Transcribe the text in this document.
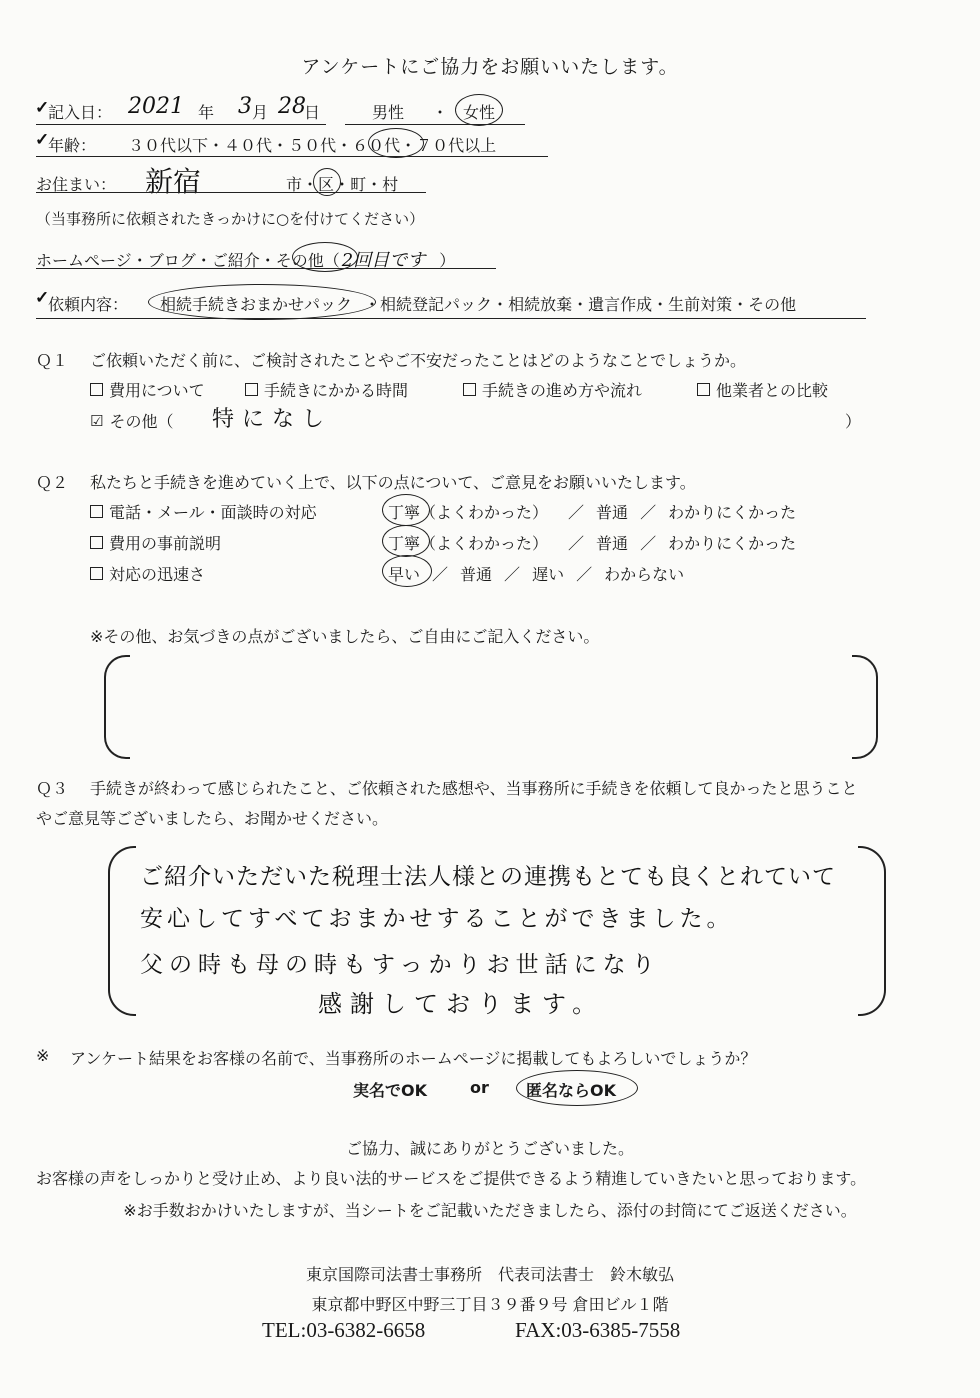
アンケートにご協力をお願いいたします。
✓
記入日： 2021 年 3 月 28
日	男性 ・ 女性
✓
年齢： ３０代以下 ・ ４０代 ・ ５０代 ・ ６０代 ・ ７０代以上
お住まい： 新宿	市 ・ 区 ・ 町 ・ 村
（当事務所に依頼されたきっかけに○を付けてください）
ホームページ ・ ブログ ・ ご紹介 ・ その他 （ 2回目です ）
✓
依頼内容： 相続手続きおまかせパック ・ 相続登記パック ・ 相続放棄 ・ 遺言作成 ・ 生前対策 ・ その他
Ｑ１ ご依頼いただく前に、ご検討されたことやご不安だったことはどのようなことでしょうか。
費用について	手続きにかかる時間	手続きの進め方や流れ	他業者との比較
☑ その他（ 特になし	）
Ｑ２ 私たちと手続きを進めていく上で、以下の点について、ご意見をお願いいたします。
電話・メール・面談時の対応	丁寧 （よくわかった） ／ 普通 ／ わかりにくかった
費用の事前説明	丁寧 （よくわかった） ／ 普通 ／ わかりにくかった
対応の迅速さ	早い ／ 普通 ／ 遅い ／ わからない
※その他、お気づきの点がございましたら、ご自由にご記入ください。
Ｑ３ 手続きが終わって感じられたこと、ご依頼された感想や、当事務所に手続きを依頼して良かったと思うこと
やご意見等ございましたら、お聞かせください。
ご紹介いただいた税理士法人様との連携もとても良くとれていて
安心してすべておまかせすることができました。
父の時も母の時もすっかりお世話になり
感謝しております。
※ アンケート結果をお客様の名前で、当事務所のホームページに掲載してもよろしいでしょうか？
実名でOK	or 匿名ならOK
ご協力、誠にありがとうございました。
お客様の声をしっかりと受け止め、より良い法的サービスをご提供できるよう精進していきたいと思っております。
※お手数おかけいたしますが、当シートをご記載いただきましたら、添付の封筒にてご返送ください。
東京国際司法書士事務所　代表司法書士　鈴木敏弘
東京都中野区中野三丁目３９番９号 倉田ビル１階
TEL:03-6382-6658	FAX:03-6385-7558
